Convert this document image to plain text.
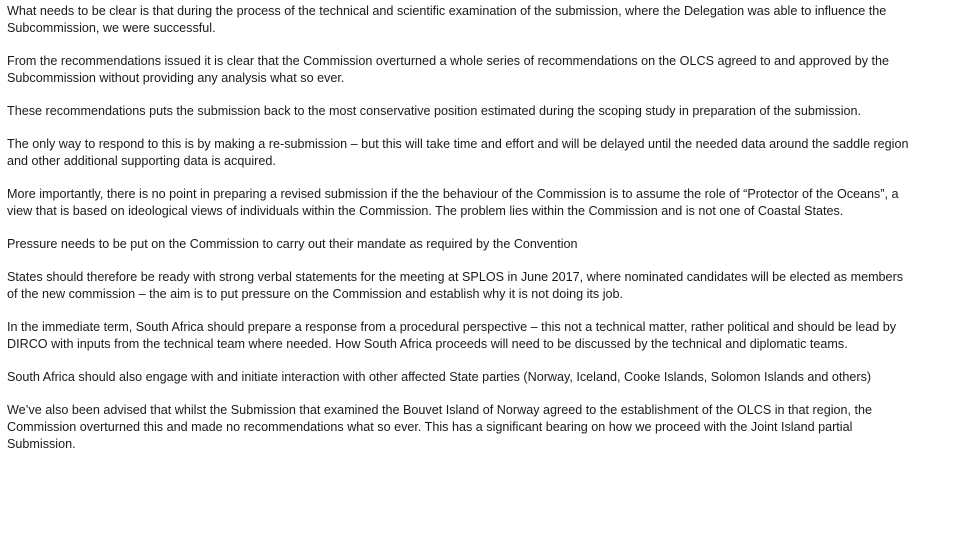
What needs to be clear is that during the process of the technical and scientific examination of the submission, where the Delegation was able to influence the Subcommission, we were successful.

From the recommendations issued it is clear that the Commission overturned a whole series of recommendations on the OLCS agreed to and approved by the Subcommission without providing any analysis what so ever.

These recommendations puts the submission back to the most conservative position estimated during the scoping study in preparation of the submission.

The only way to respond to this is by making a re-submission – but this will take time and effort and will be delayed until the needed data around the saddle region and other additional supporting data is acquired.

More importantly, there is no point in preparing a revised submission if the the behaviour of the Commission is to assume the role of “Protector of the Oceans”, a view that is based on ideological views of individuals within the Commission. The problem lies within the Commission and is not one of Coastal States.

Pressure needs to be put on the Commission to carry out their mandate as required by the Convention

States should therefore be ready with strong verbal statements for the meeting at SPLOS in June 2017, where nominated candidates will be elected as members of the new commission – the aim is to put pressure on the Commission and establish why it is not doing its job.

In the immediate term, South Africa should prepare a response from a procedural perspective – this not a technical matter, rather political and should be lead by DIRCO with inputs from the technical team where needed. How South Africa proceeds will need to be discussed by the technical and diplomatic teams.

South Africa should also engage with and initiate interaction with other affected State parties (Norway, Iceland, Cooke Islands, Solomon Islands and others)

We’ve also been advised that whilst the Submission that examined the Bouvet Island of Norway agreed to the establishment of the OLCS in that region, the Commission overturned this and made no recommendations what so ever. This has a significant bearing on how we proceed with the Joint Island partial Submission.
